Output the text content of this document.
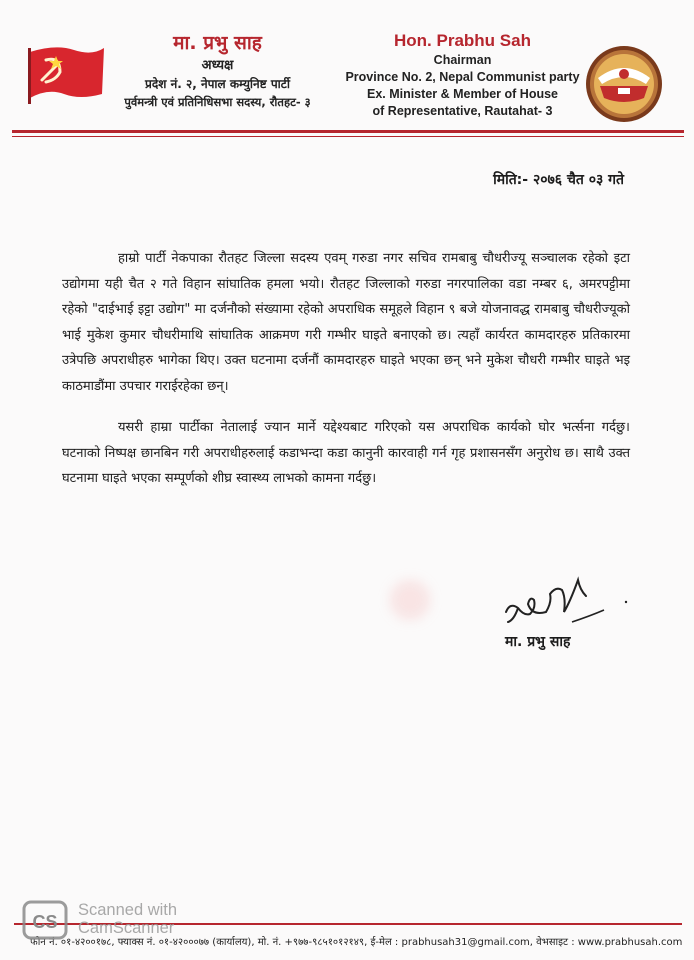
मा. प्रभु साह
अध्यक्ष
प्रदेश नं. २, नेपाल कम्युनिष्ट पार्टी
पुर्वमन्त्री एवं प्रतिनिधिसभा सदस्य, रौतहट- ३
Hon. Prabhu Sah
Chairman
Province No. 2, Nepal Communist party
Ex. Minister & Member of House
of Representative, Rautahat- 3
मिति:- २०७६ चैत ०३ गते

हाम्रो पार्टी नेकपाका रौतहट जिल्ला सदस्य एवम् गरुडा नगर सचिव रामबाबु चौधरीज्यू सञ्चालक रहेको इटा उद्योगमा यही चैत २ गते विहान सांघातिक हमला भयो। रौतहट जिल्लाको गरुडा नगरपालिका वडा नम्बर ६, अमरपट्टीमा रहेको "दाईभाई इट्टा उद्योग" मा दर्जनौको संख्यामा रहेको अपराधिक समूहले विहान ९ बजे योजनावद्ध रामबाबु चौधरीज्यूको भाई मुकेश कुमार चौधरीमाथि सांघातिक आक्रमण गरी गम्भीर घाइते बनाएको छ। त्यहाँ कार्यरत कामदारहरु प्रतिकारमा उत्रेपछि अपराधीहरु भागेका थिए। उक्त घटनामा दर्जनौं कामदारहरु घाइते भएका छन् भने मुकेश चौधरी गम्भीर घाइते भइ काठमाडौंमा उपचार गराईरहेका छन्।

यसरी हाम्रा पार्टीका नेतालाई ज्यान मार्ने यद्देश्यबाट गरिएको यस अपराधिक कार्यको घोर भर्त्सना गर्दछु। घटनाको निष्पक्ष छानबिन गरी अपराधीहरुलाई कडाभन्दा कडा कानुनी कारवाही गर्न गृह प्रशासनसँग अनुरोध छ। साथै उक्त घटनामा घाइते भएका सम्पूर्णको शीघ्र स्वास्थ्य लाभको कामना गर्दछु।

मा. प्रभु साह
फोन नं. ०१-४२००१७८, फ्याक्स नं. ०१-४२०००७७ (कार्यालय), मो. नं. +९७७-९८५१०१२१४९, ई-मेल : prabhusah31@gmail.com, वेभसाइट : www.prabhusah.com
CS
Scanned with
CamScanner
